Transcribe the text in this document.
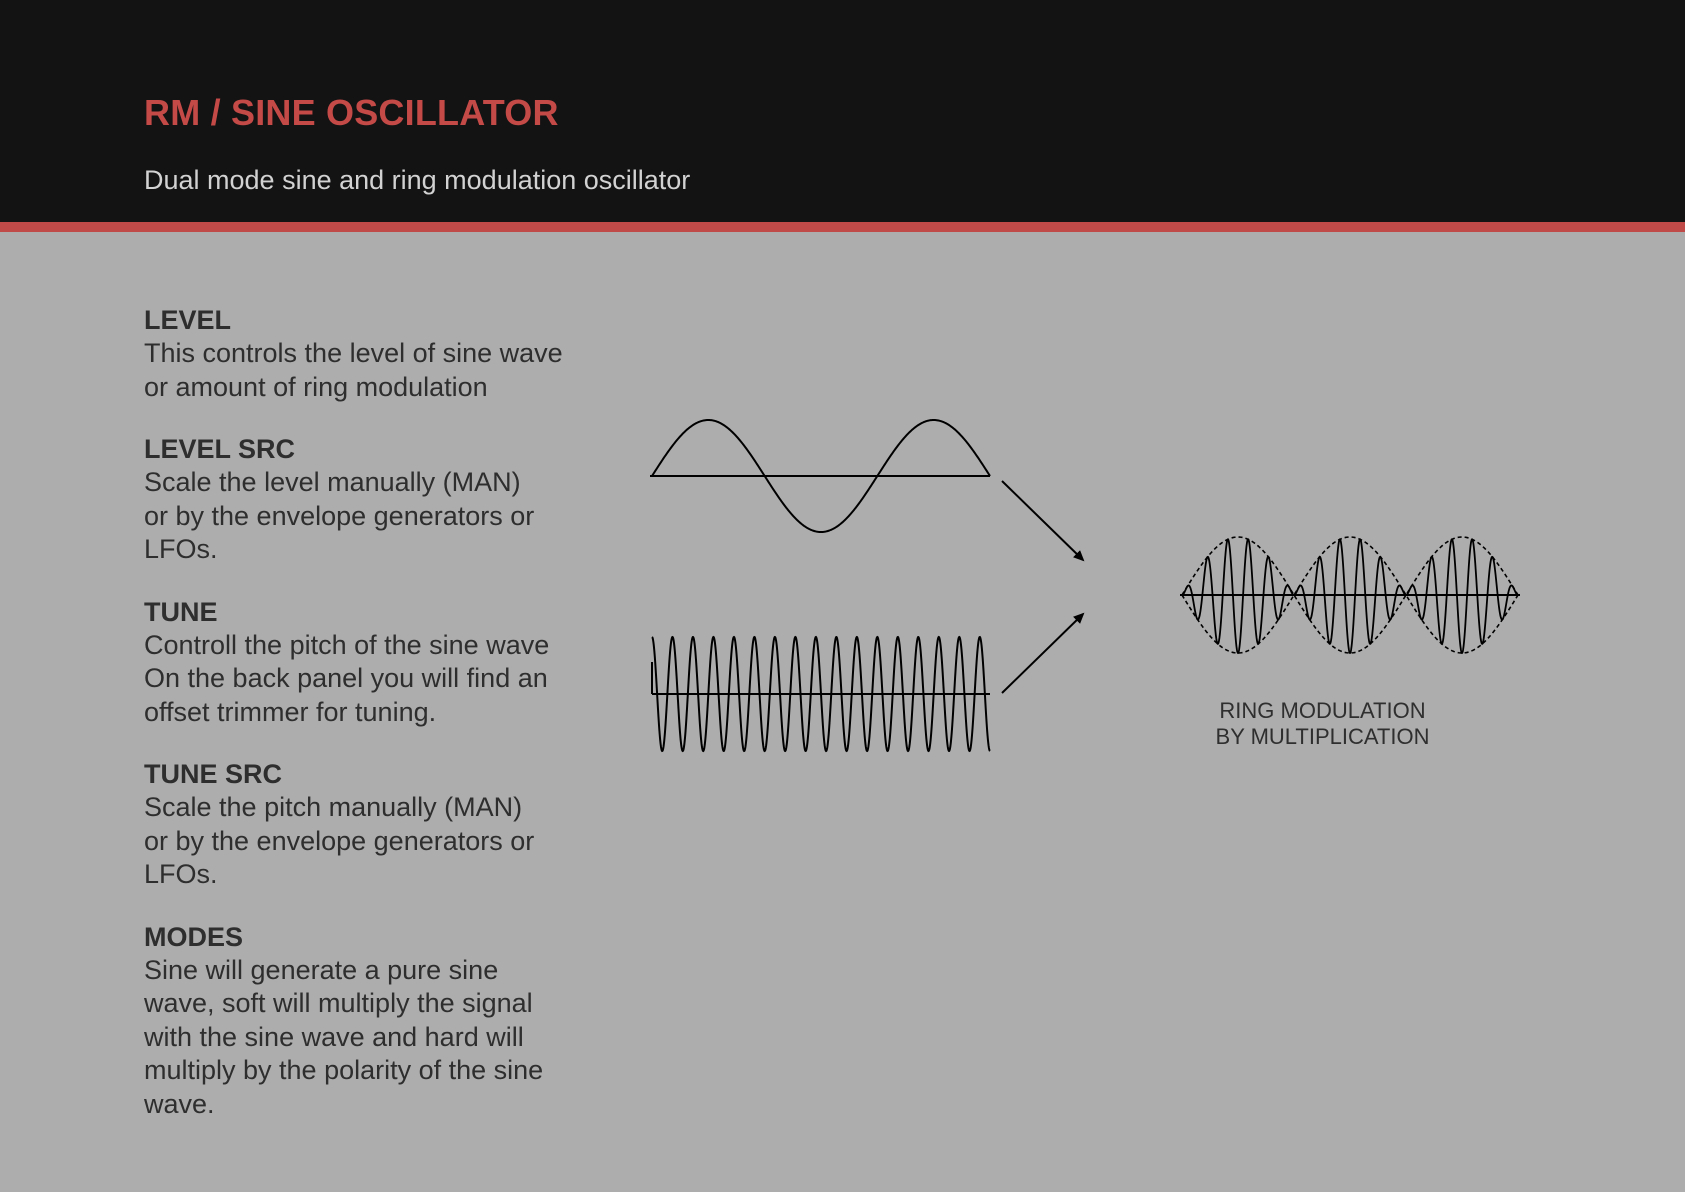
RM / SINE OSCILLATOR

Dual mode sine and ring modulation oscillator

LEVEL
This controls the level of sine wave
or amount of ring modulation
LEVEL SRC
Scale the level manually (MAN)
or by the envelope generators or
LFOs.
TUNE
Controll the pitch of the sine wave
On the back panel you will find an
offset trimmer for tuning.
TUNE SRC
Scale the pitch manually (MAN)
or by the envelope generators or
LFOs.
MODES
Sine will generate a pure sine
wave, soft will multiply the signal
with the sine wave and hard will
multiply by the polarity of the sine
wave.
RING MODULATION
BY MULTIPLICATION
